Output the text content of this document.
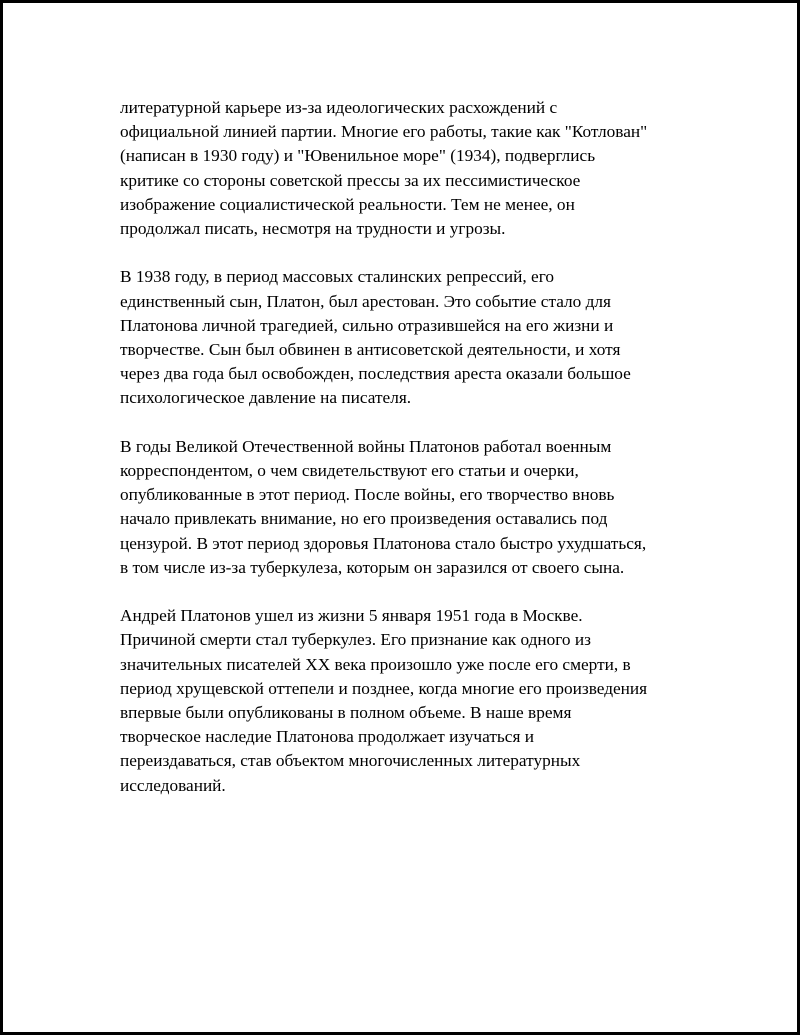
литературной карьере из-за идеологических расхождений с
официальной линией партии. Многие его работы, такие как "Котлован"
(написан в 1930 году) и "Ювенильное море" (1934), подверглись
критике со стороны советской прессы за их пессимистическое
изображение социалистической реальности. Тем не менее, он
продолжал писать, несмотря на трудности и угрозы.
В 1938 году, в период массовых сталинских репрессий, его
единственный сын, Платон, был арестован. Это событие стало для
Платонова личной трагедией, сильно отразившейся на его жизни и
творчестве. Сын был обвинен в антисоветской деятельности, и хотя
через два года был освобожден, последствия ареста оказали большое
психологическое давление на писателя.
В годы Великой Отечественной войны Платонов работал военным
корреспондентом, о чем свидетельствуют его статьи и очерки,
опубликованные в этот период. После войны, его творчество вновь
начало привлекать внимание, но его произведения оставались под
цензурой. В этот период здоровья Платонова стало быстро ухудшаться,
в том числе из-за туберкулеза, которым он заразился от своего сына.
Андрей Платонов ушел из жизни 5 января 1951 года в Москве.
Причиной смерти стал туберкулез. Его признание как одного из
значительных писателей XX века произошло уже после его смерти, в
период хрущевской оттепели и позднее, когда многие его произведения
впервые были опубликованы в полном объеме. В наше время
творческое наследие Платонова продолжает изучаться и
переиздаваться, став объектом многочисленных литературных
исследований.
